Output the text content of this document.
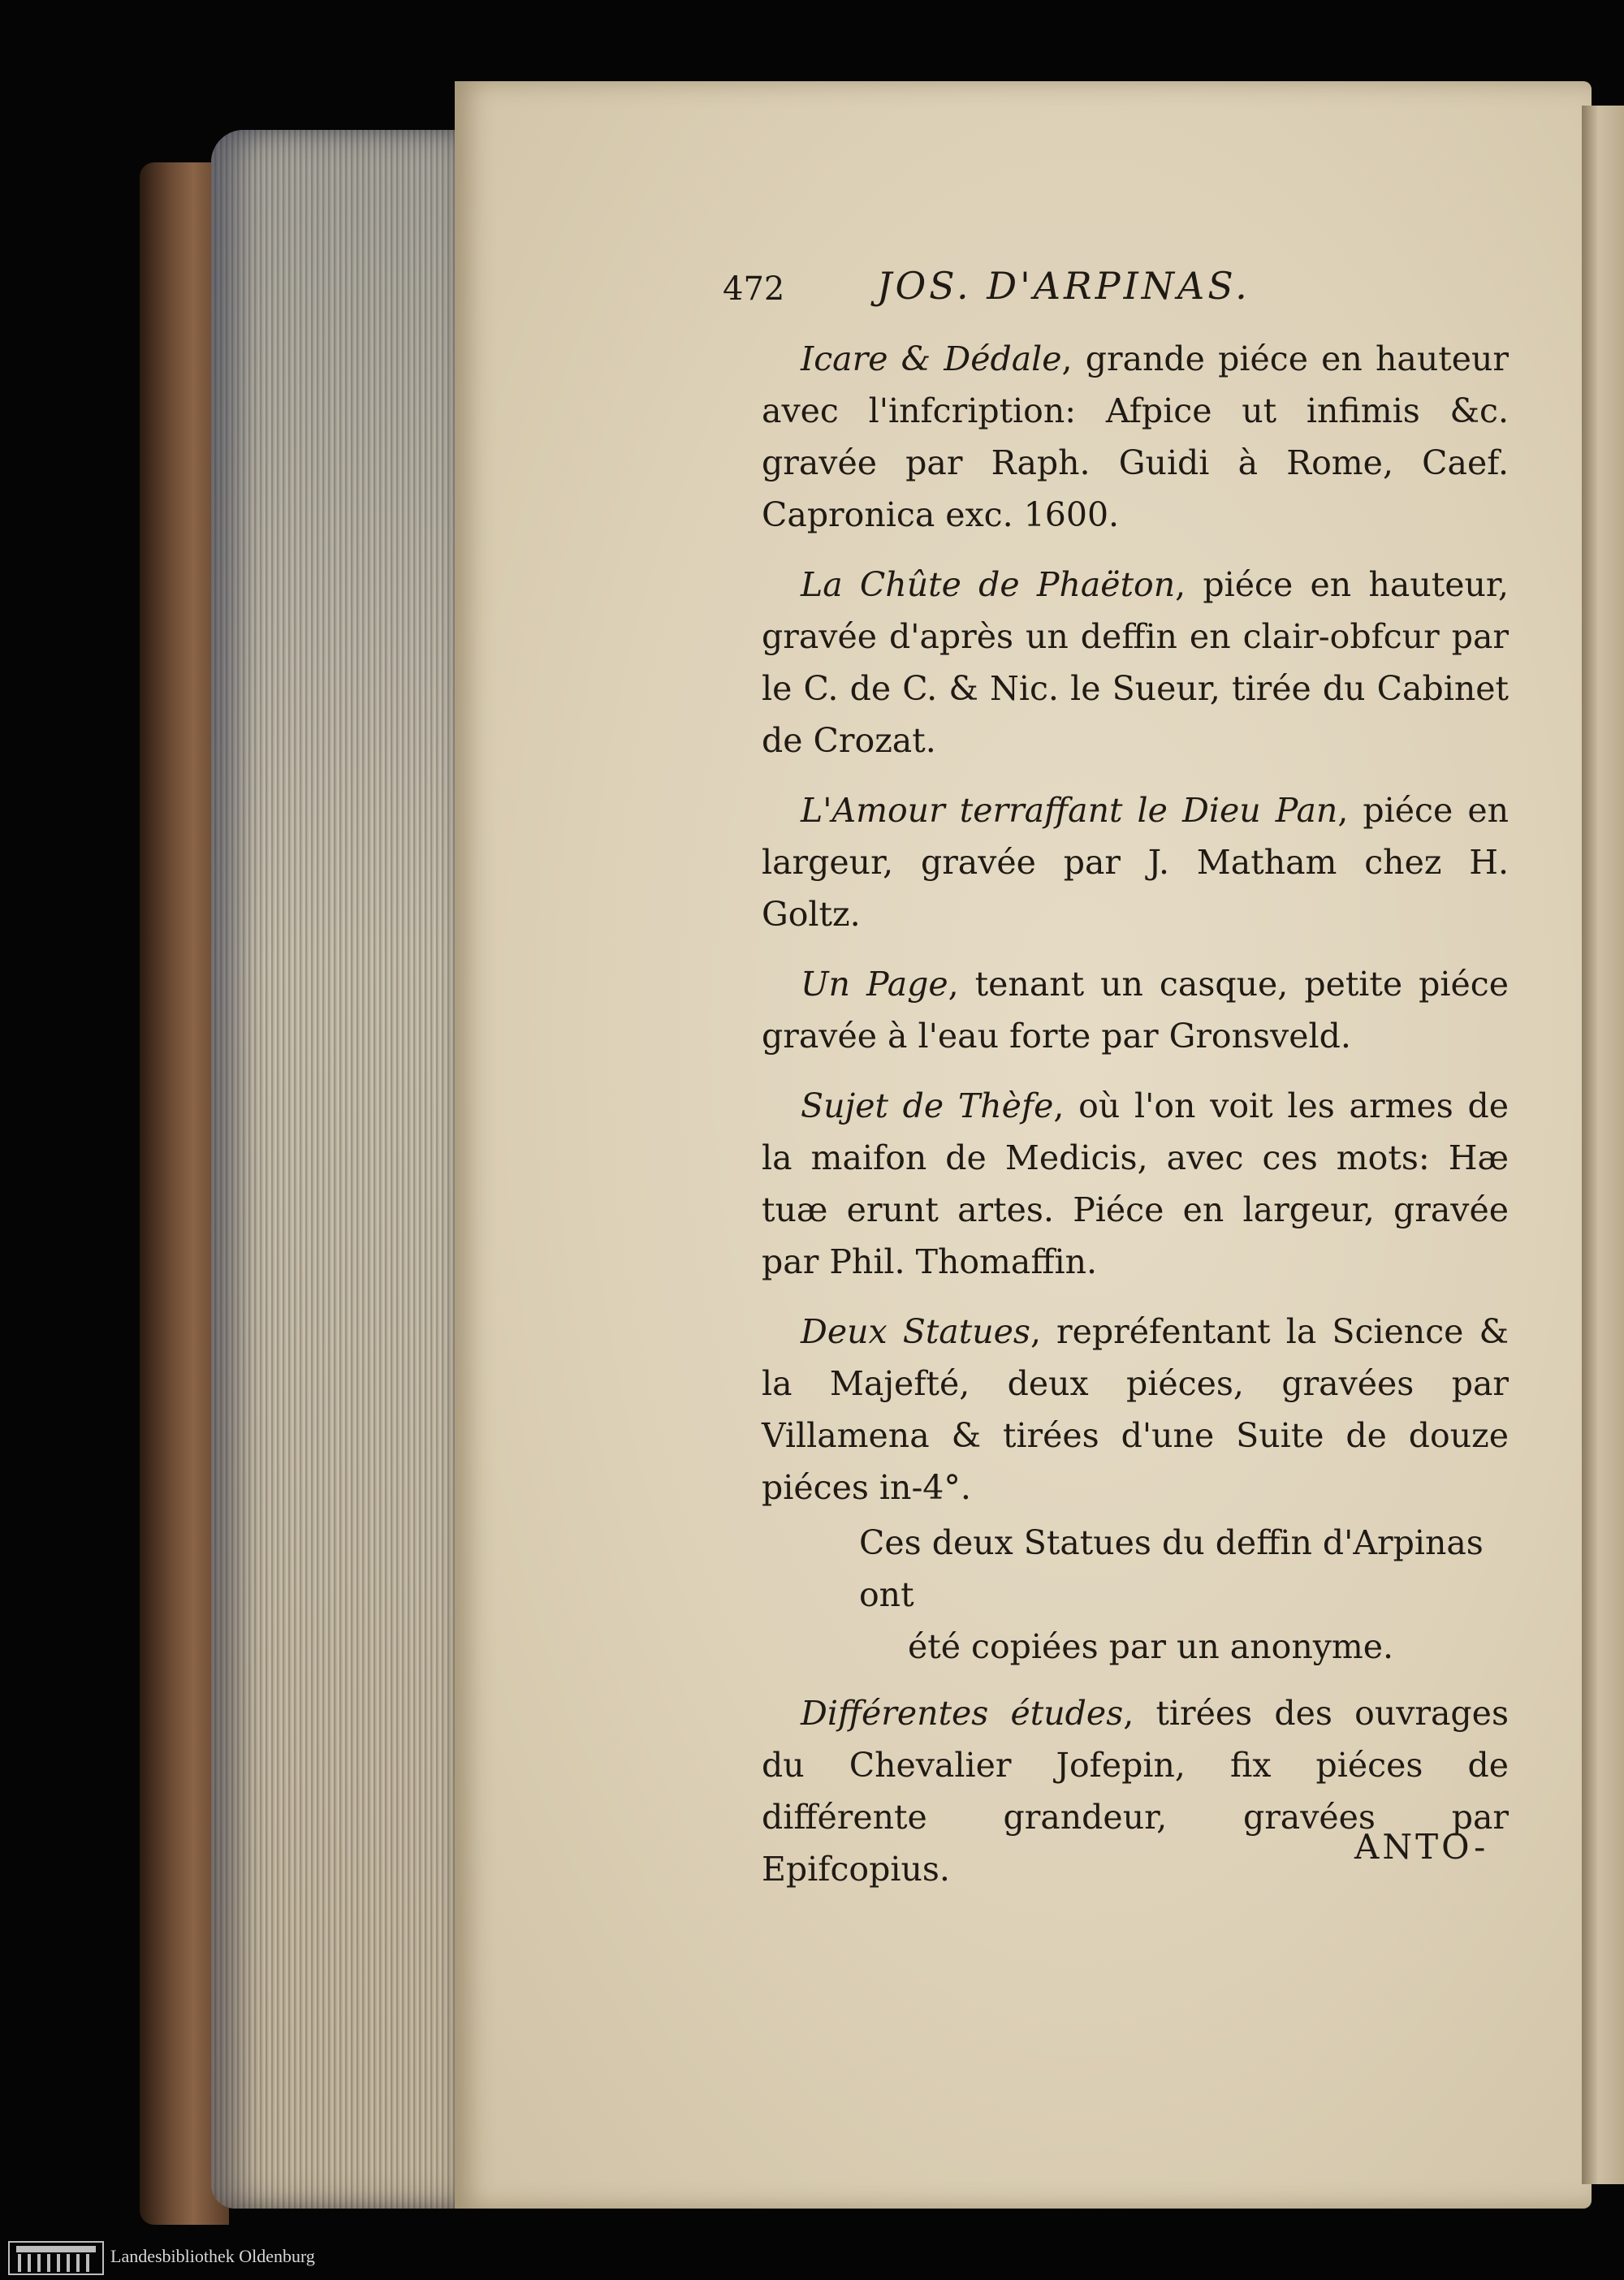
472 JOS. D'ARPINAS.

Icare & Dédale, grande piéce en hauteur avec l'infcription: Afpice ut infimis &c. gravée par Raph. Guidi à Rome, Caef. Capronica exc. 1600.

La Chûte de Phaëton, piéce en hauteur, gravée d'après un deffin en clair-obfcur par le C. de C. & Nic. le Sueur, tirée du Cabinet de Crozat.

L'Amour terraffant le Dieu Pan, piéce en largeur, gravée par J. Matham chez H. Goltz.

Un Page, tenant un casque, petite piéce gravée à l'eau forte par Gronsveld.

Sujet de Thèfe, où l'on voit les armes de la maifon de Medicis, avec ces mots: Hæ tuæ erunt artes. Piéce en largeur, gravée par Phil. Thomaffin.

Deux Statues, repréfentant la Science & la Majefté, deux piéces, gravées par Villamena & tirées d'une Suite de douze piéces in-4°.

Ces deux Statues du deffin d'Arpinas ont
été copiées par un anonyme.

Différentes études, tirées des ouvrages du Chevalier Jofepin, fix piéces de différente grandeur, gravées par Epifcopius.

ANTO-
Landesbibliothek Oldenburg
